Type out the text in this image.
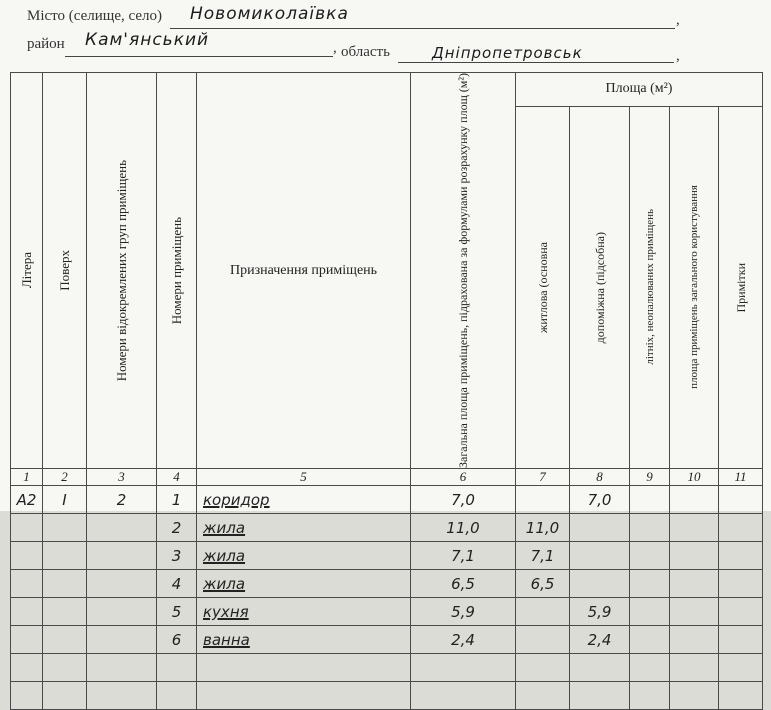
Місто (селище, село) Новомиколаївка	,
район Кам'янський	, область	Дніпропетровськ	,
Літера	Поверх	Номери відокремлених груп приміщень	Номери приміщень	Призначення приміщень	Загальна площа приміщень, підрахована за формулами розрахунку площ (м²)	Площа (м²)				

						житлова (основна	допоміжна (підсобна)	літніх, неопалюваних приміщень	площа приміщень загального користування	Примітки

1	2	3	4	5	6	7	8	9	10	11
А2	I	2	1	коридор	7,0		7,0			
			2	жила	11,0	11,0				
			3	жила	7,1	7,1				
			4	жила	6,5	6,5				
			5	кухня	5,9		5,9			
			6	ванна	2,4		2,4			
